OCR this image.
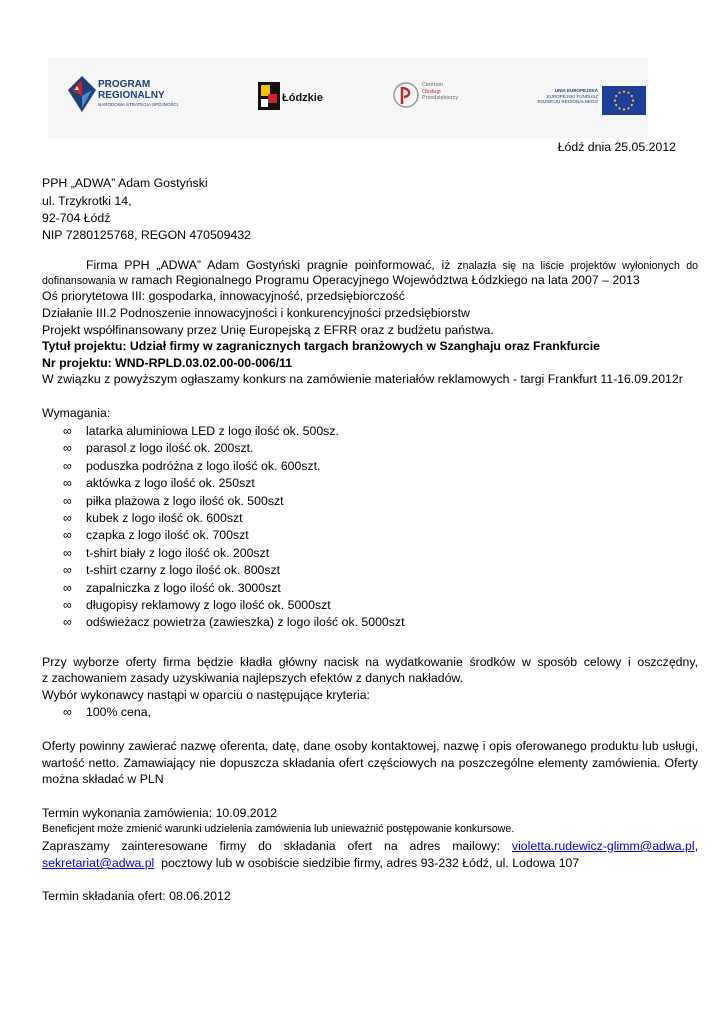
PROGRAM
REGIONALNY
NARODOWA STRATEGIA SPÓJNOŚCI
Łódzkie
Centrum
Obsługi
Przedsiębiorcy
UNIA EUROPEJSKA
EUROPEJSKI FUNDUSZ
ROZWOJU REGIONALNEGO
Łódź dnia 25.05.2012
PPH „ADWA” Adam Gostyński
ul. Trzykrotki 14,
92-704 Łódź
NIP 7280125768, REGON 470509432
Firma PPH „ADWA” Adam Gostyński pragnie poinformować, iż znalazła się na liście projektów wyłonionych do
dofinansowania w ramach Regionalnego Programu Operacyjnego Województwa Łódzkiego na lata 2007 – 2013
Oś priorytetowa III: gospodarka, innowacyjność, przedsiębiorczość
Działanie III.2 Podnoszenie innowacyjności i konkurencyjności przedsiębiorstw
Projekt współfinansowany przez Unię Europejską z EFRR oraz z budżetu państwa.
Tytuł projektu: Udział firmy w zagranicznych targach branżowych w Szanghaju oraz Frankfurcie
Nr projektu: WND-RPLD.03.02.00-00-006/11
W związku z powyższym ogłaszamy konkurs na zamówienie materiałów reklamowych - targi Frankfurt 11-16.09.2012r
Wymagania:
∞ latarka aluminiowa LED z logo ilość ok. 500sz.
∞ parasol z logo ilość ok. 200szt.
∞ poduszka podróżna z logo ilość ok. 600szt.
∞ aktówka z logo ilość ok. 250szt
∞ piłka plażowa z logo ilość ok. 500szt
∞ kubek z logo ilość ok. 600szt
∞ czapka z logo ilość ok. 700szt
∞ t-shirt biały z logo ilość ok. 200szt
∞ t-shirt czarny z logo ilość ok. 800szt
∞ zapalniczka z logo ilość ok. 3000szt
∞ długopisy reklamowy z logo ilość ok. 5000szt
∞ odświeżacz powietrza (zawieszka) z logo ilość ok. 5000szt
Przy wyborze oferty firma będzie kładła główny nacisk na wydatkowanie środków w sposób celowy i oszczędny,
z zachowaniem zasady uzyskiwania najlepszych efektów z danych nakładów.
Wybór wykonawcy nastąpi w oparciu o następujące kryteria:
∞ 100% cena,
Oferty powinny zawierać nazwę oferenta, datę, dane osoby kontaktowej, nazwę i opis oferowanego produktu lub usługi,
wartość netto. Zamawiający nie dopuszcza składania ofert częściowych na poszczególne elementy zamówienia. Oferty
można składać w PLN
Termin wykonania zamówienia: 10.09.2012
Beneficjent może zmienić warunki udzielenia zamówienia lub unieważnić postępowanie konkursowe.
Zapraszamy zainteresowane firmy do składania ofert na adres mailowy: violetta.rudewicz-glimm@adwa.pl,
sekretariat@adwa.pl  pocztowy lub w osobiście siedzibie firmy, adres 93-232 Łódź, ul. Lodowa 107
Termin składania ofert: 08.06.2012
